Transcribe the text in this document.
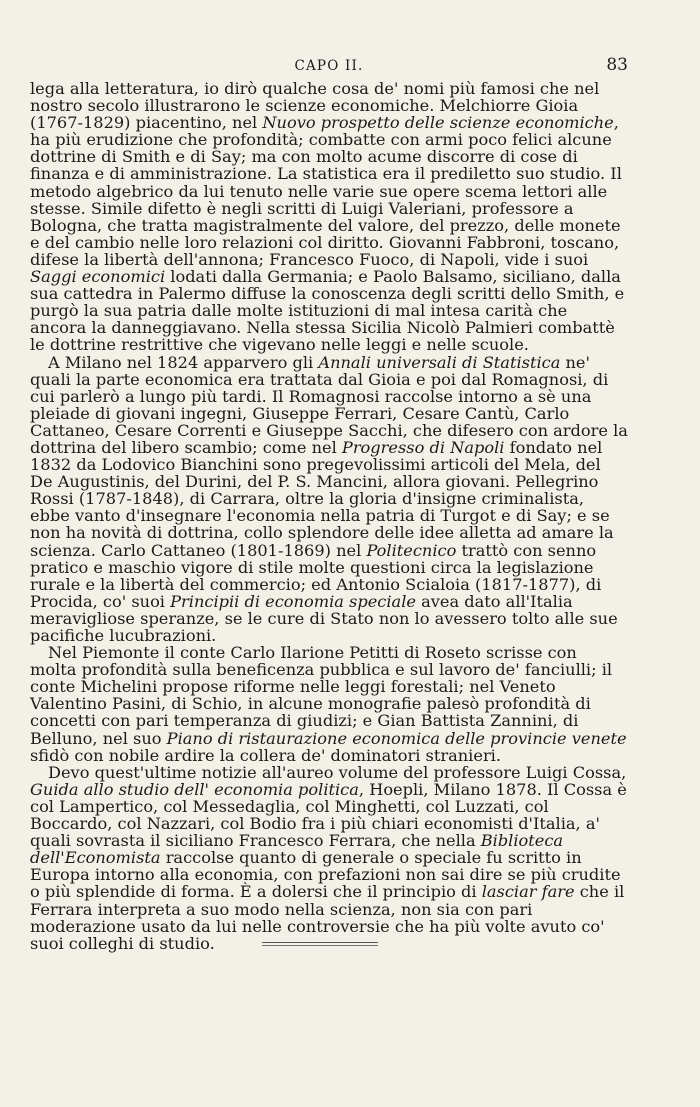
CAPO II.	83

lega alla letteratura, io dirò qualche cosa de' nomi più famosi che nel nostro secolo illustrarono le scienze economiche. Melchiorre Gioia (1767-1829) piacentino, nel Nuovo prospetto delle scienze economiche, ha più erudizione che profondità; combatte con armi poco felici alcune dottrine di Smith e di Say; ma con molto acume discorre di cose di finanza e di amministrazione. La statistica era il prediletto suo studio. Il metodo algebrico da lui tenuto nelle varie sue opere scema lettori alle stesse. Simile difetto è negli scritti di Luigi Valeriani, professore a Bologna, che tratta magistralmente del valore, del prezzo, delle monete e del cambio nelle loro relazioni col diritto. Giovanni Fabbroni, toscano, difese la libertà dell'annona; Francesco Fuoco, di Napoli, vide i suoi Saggi economici lodati dalla Germania; e Paolo Balsamo, siciliano, dalla sua cattedra in Palermo diffuse la conoscenza degli scritti dello Smith, e purgò la sua patria dalle molte istituzioni di mal intesa carità che ancora la danneggiavano. Nella stessa Sicilia Nicolò Palmieri combattè le dottrine restrittive che vigevano nelle leggi e nelle scuole.

A Milano nel 1824 apparvero gli Annali universali di Statistica ne' quali la parte economica era trattata dal Gioia e poi dal Romagnosi, di cui parlerò a lungo più tardi. Il Romagnosi raccolse intorno a sè una pleiade di giovani ingegni, Giuseppe Ferrari, Cesare Cantù, Carlo Cattaneo, Cesare Correnti e Giuseppe Sacchi, che difesero con ardore la dottrina del libero scambio; come nel Progresso di Napoli fondato nel 1832 da Lodovico Bianchini sono pregevolissimi articoli del Mela, del De Augustinis, del Durini, del P. S. Mancini, allora giovani. Pellegrino Rossi (1787-1848), di Carrara, oltre la gloria d'insigne criminalista, ebbe vanto d'insegnare l'economia nella patria di Turgot e di Say; e se non ha novità di dottrina, collo splendore delle idee alletta ad amare la scienza. Carlo Cattaneo (1801-1869) nel Politecnico trattò con senno pratico e maschio vigore di stile molte questioni circa la legislazione rurale e la libertà del commercio; ed Antonio Scialoia (1817-1877), di Procida, co' suoi Principii di economia speciale avea dato all'Italia meravigliose speranze, se le cure di Stato non lo avessero tolto alle sue pacifiche lucubrazioni.

Nel Piemonte il conte Carlo Ilarione Petitti di Roseto scrisse con molta profondità sulla beneficenza pubblica e sul lavoro de' fanciulli; il conte Michelini propose riforme nelle leggi forestali; nel Veneto Valentino Pasini, di Schio, in alcune monografie palesò profondità di concetti con pari temperanza di giudizi; e Gian Battista Zannini, di Belluno, nel suo Piano di ristaurazione economica delle provincie venete sfidò con nobile ardire la collera de' dominatori stranieri.

Devo quest'ultime notizie all'aureo volume del professore Luigi Cossa, Guida allo studio dell' economia politica, Hoepli, Milano 1878. Il Cossa è col Lampertico, col Messedaglia, col Minghetti, col Luzzati, col Boccardo, col Nazzari, col Bodio fra i più chiari economisti d'Italia, a' quali sovrasta il siciliano Francesco Ferrara, che nella Biblioteca dell'Economista raccolse quanto di generale o speciale fu scritto in Europa intorno alla economia, con prefazioni non sai dire se più crudite o più splendide di forma. È a dolersi che il principio di lasciar fare che il Ferrara interpreta a suo modo nella scienza, non sia con pari moderazione usato da lui nelle controversie che ha più volte avuto co' suoi colleghi di studio.
